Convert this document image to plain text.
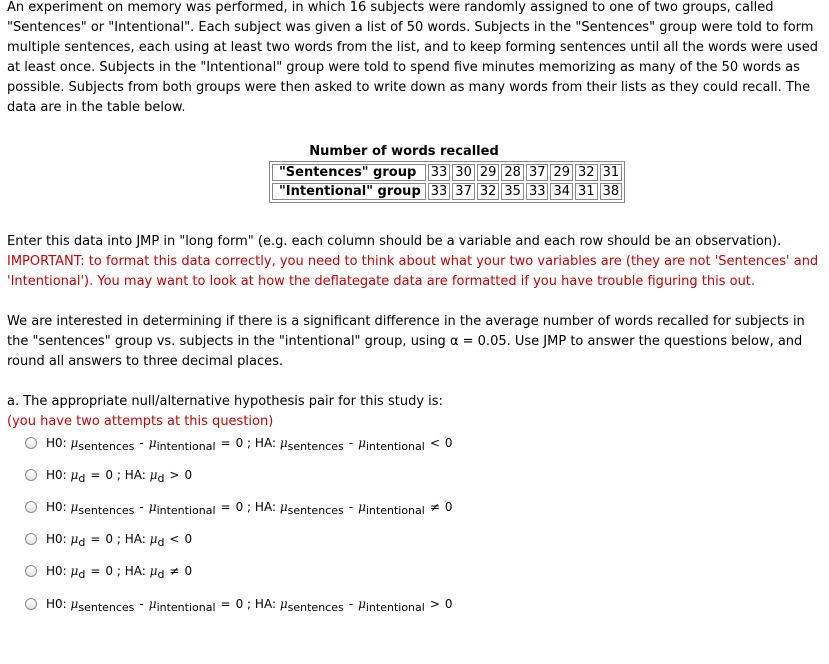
An experiment on memory was performed, in which 16 subjects were randomly assigned to one of two groups, called "Sentences" or "Intentional". Each subject was given a list of 50 words. Subjects in the "Sentences" group were told to form multiple sentences, each using at least two words from the list, and to keep forming sentences until all the words were used at least once. Subjects in the "Intentional" group were told to spend five minutes memorizing as many of the 50 words as possible. Subjects from both groups were then asked to write down as many words from their lists as they could recall. The data are in the table below.

Number of words recalled
"Sentences" group	33	30	29	28	37	29	32	31
"Intentional" group	33	37	32	35	33	34	31	38

Enter this data into JMP in "long form" (e.g. each column should be a variable and each row should be an observation).
IMPORTANT: to format this data correctly, you need to think about what your two variables are (they are not 'Sentences' and 'Intentional'). You may want to look at how the deflategate data are formatted if you have trouble figuring this out.

We are interested in determining if there is a significant difference in the average number of words recalled for subjects in the "sentences" group vs. subjects in the "intentional" group, using α = 0.05. Use JMP to answer the questions below, and round all answers to three decimal places.

a. The appropriate null/alternative hypothesis pair for this study is:
(you have two attempts at this question)

H0:
μsentences - μintentional = 0 ;
HA:
μsentences - μintentional < 0
H0:
μd = 0 ;
HA:
μd > 0
H0:
μsentences - μintentional = 0 ;
HA:
μsentences - μintentional ≠ 0
H0:
μd = 0 ;
HA:
μd < 0
H0:
μd = 0 ;
HA:
μd ≠ 0
H0:
μsentences - μintentional = 0 ;
HA:
μsentences - μintentional > 0
